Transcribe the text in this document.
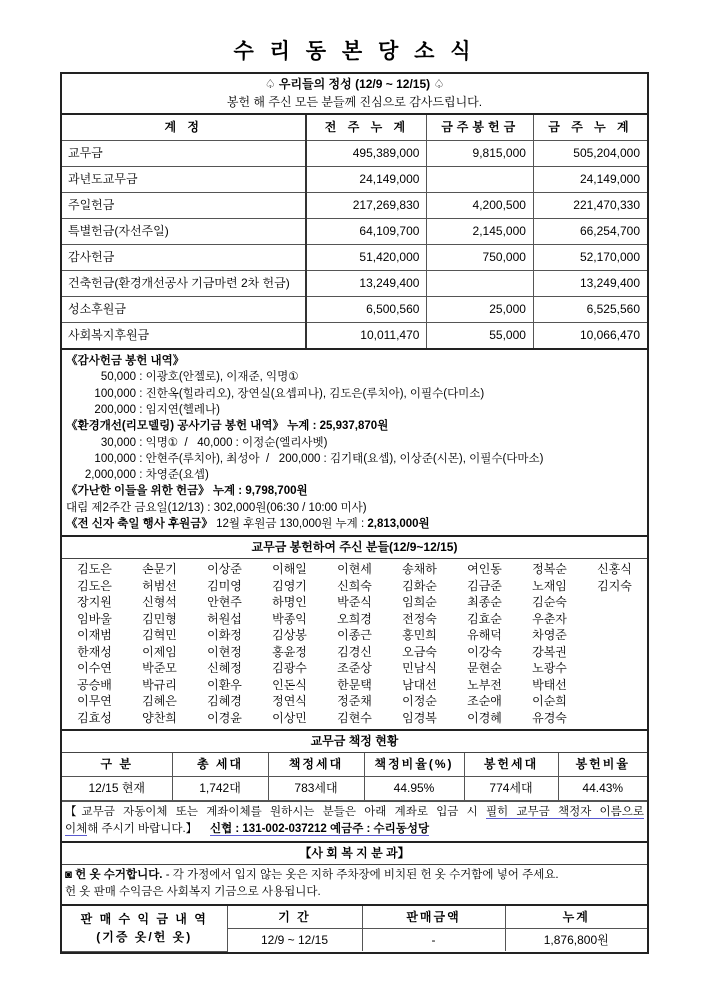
수 리 동 본 당 소 식
♤ 우리들의 정성 (12/9 ~ 12/15) ♤
봉헌 해 주신 모든 분들께 진심으로 감사드립니다.
계 정	전 주 누 계	금주봉헌금	금 주 누 계
교무금	495,389,000	9,815,000	505,204,000
과년도교무금	24,149,000		24,149,000
주일헌금	217,269,830	4,200,500	221,470,330
특별헌금(자선주일)	64,109,700	2,145,000	66,254,700
감사헌금	51,420,000	750,000	52,170,000
건축헌금(환경개선공사 기금마련 2차 헌금)	13,249,400		13,249,400
성소후원금	6,500,560	25,000	6,525,560
사회복지후원금	10,011,470	55,000	10,066,470
《감사헌금 봉헌 내역》
50,000 : 이광호(안젤로), 이재준, 익명①
100,000 : 진한옥(힐라리오), 장연실(요셉피나), 김도은(루치아), 이필수(다미소)
200,000 : 임지연(헬레나)
《환경개선(리모델링) 공사기금 봉헌 내역》 누계 : 25,937,870원
30,000 : 익명①  /   40,000 : 이정순(엘리사벳)
100,000 : 안현주(루치아), 최성아  /   200,000 : 김기태(요셉), 이상준(시몬), 이필수(다마소)
2,000,000 : 차영준(요셉)
《가난한 이들을 위한 헌금》 누계 : 9,798,700원
대림 제2주간 금요일(12/13) : 302,000원(06:30 / 10:00 미사)
《전 신자 축일 행사 후원금》 12월 후원금 130,000원 누계 : 2,813,000원
교무금 봉헌하여 주신 분들(12/9~12/15)
김도은	손문기	이상준	이해일	이현세	송채하	여인동	정복순	신홍식
김도은	허범선	김미영	김영기	신희숙	김화순	김금준	노재임	김지숙
장지원	신형석	안현주	하명인	박준식	임희순	최종순	김순숙	
임바울	김민형	허원섭	박종익	오희경	전정숙	김효순	우춘자	
이재범	김혁민	이화정	김상봉	이종근	홍민희	유해덕	차영준	
한재성	이제임	이현정	홍윤정	김경신	오금숙	이강숙	강복권	
이수연	박준모	신혜정	김광수	조준상	민남식	문현순	노광수	
공승배	박규리	이환우	인돈식	한문택	남대선	노부전	박태선	
이무연	김혜은	김혜경	정연식	정준채	이정순	조순애	이순희	
김효성	양찬희	이경윤	이상민	김현수	임경복	이경혜	유경숙	
교무금 책정 현황
구 분	총 세대	책정세대	책정비율(%)	봉헌세대	봉헌비율
12/15 현재	1,742대	783세대	44.95%	774세대	44.43%
【교무금 자동이체 또는 계좌이체를 원하시는 분들은 아래 계좌로 입금 시 필히 교무금 책정자 이름으로
이체해 주시기 바랍니다.】 신협 : 131-002-037212 예금주 : 수리동성당
【사 회 복 지 분 과】
◙ 헌 옷 수거합니다. - 각 가정에서 입지 않는 옷은 지하 주차장에 비치된 헌 옷 수거함에 넣어 주세요.
헌 옷 판매 수익금은 사회복지 기금으로 사용됩니다.
판 매 수 익 금 내 역
(기증 옷/헌 옷)	기 간	판매금액	누계
	12/9 ~ 12/15	-	1,876,800원
